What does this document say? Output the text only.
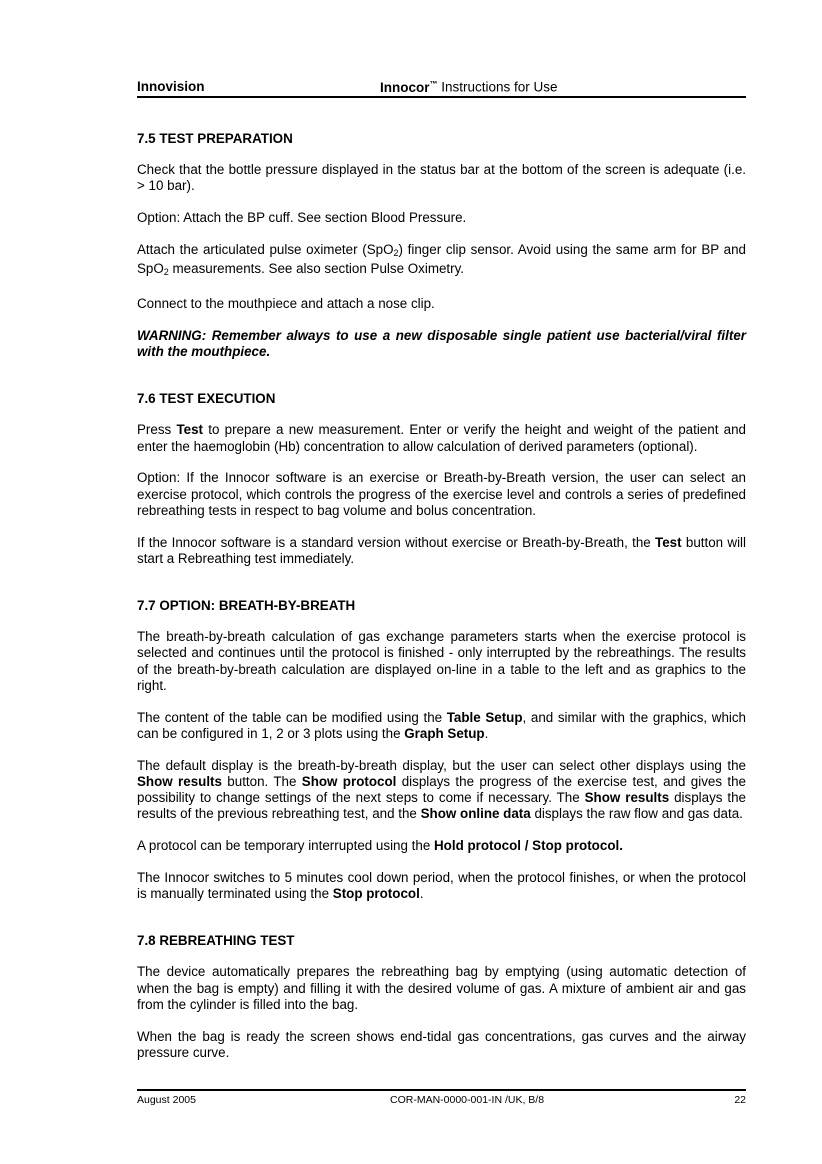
Innovision	Innocor™ Instructions for Use
7.5 TEST PREPARATION

Check that the bottle pressure displayed in the status bar at the bottom of the screen is adequate (i.e. > 10 bar).

Option: Attach the BP cuff. See section Blood Pressure.

Attach the articulated pulse oximeter (SpO$_2$) finger clip sensor. Avoid using the same arm for BP and SpO$_2$ measurements. See also section Pulse Oximetry.

Connect to the mouthpiece and attach a nose clip.

WARNING: Remember always to use a new disposable single patient use bacterial/viral filter with the mouthpiece.

7.6 TEST EXECUTION

Press Test to prepare a new measurement. Enter or verify the height and weight of the patient and enter the haemoglobin (Hb) concentration to allow calculation of derived parameters (optional).

Option: If the Innocor software is an exercise or Breath-by-Breath version, the user can select an exercise protocol, which controls the progress of the exercise level and controls a series of predefined rebreathing tests in respect to bag volume and bolus concentration.

If the Innocor software is a standard version without exercise or Breath-by-Breath, the Test button will start a Rebreathing test immediately.

7.7 OPTION: BREATH-BY-BREATH

The breath-by-breath calculation of gas exchange parameters starts when the exercise protocol is selected and continues until the protocol is finished - only interrupted by the rebreathings. The results of the breath-by-breath calculation are displayed on-line in a table to the left and as graphics to the right.

The content of the table can be modified using the Table Setup, and similar with the graphics, which can be configured in 1, 2 or 3 plots using the Graph Setup.

The default display is the breath-by-breath display, but the user can select other displays using the Show results button. The Show protocol displays the progress of the exercise test, and gives the possibility to change settings of the next steps to come if necessary. The Show results displays the results of the previous rebreathing test, and the Show online data displays the raw flow and gas data.

A protocol can be temporary interrupted using the Hold protocol / Stop protocol.

The Innocor switches to 5 minutes cool down period, when the protocol finishes, or when the protocol is manually terminated using the Stop protocol.

7.8 REBREATHING TEST

The device automatically prepares the rebreathing bag by emptying (using automatic detection of when the bag is empty) and filling it with the desired volume of gas. A mixture of ambient air and gas from the cylinder is filled into the bag.

When the bag is ready the screen shows end-tidal gas concentrations, gas curves and the airway pressure curve.

August 2005	COR-MAN-0000-001-IN /UK, B/8	22
